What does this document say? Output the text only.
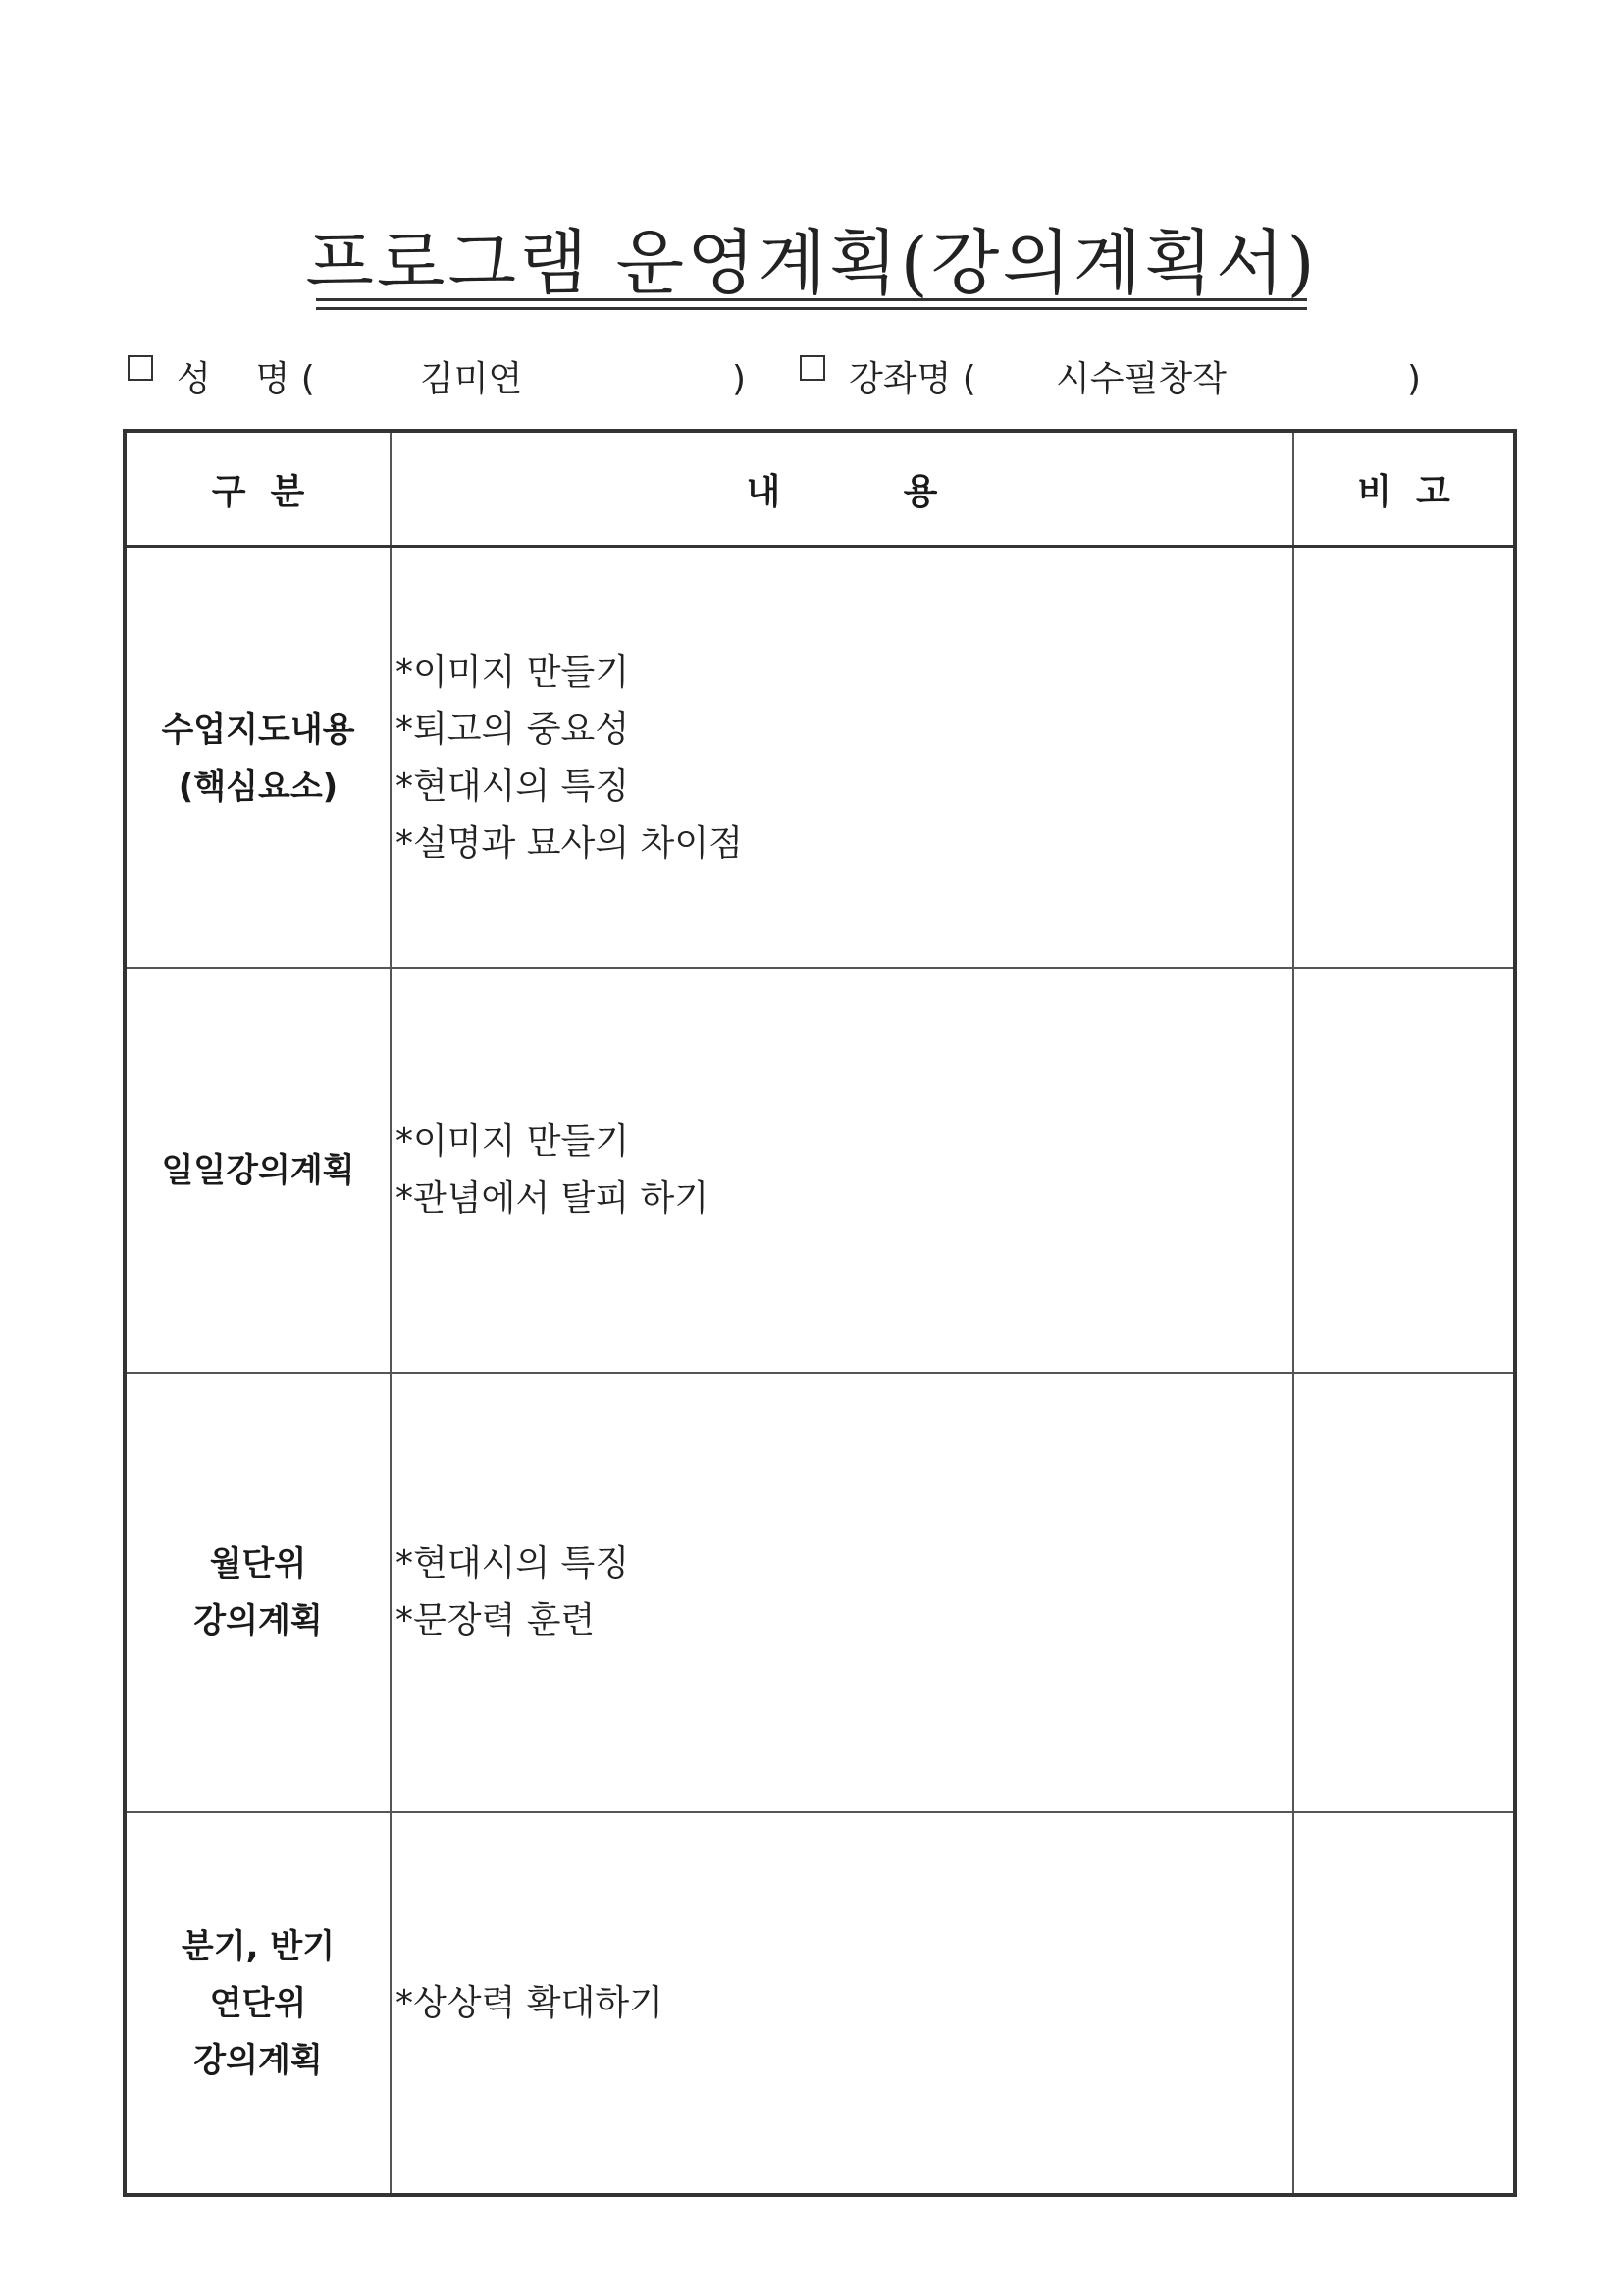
프로그램 운영계획(강의계획서)
성    명 (	김미연	)	강좌명 ( 시수필창작	)
구  분	내          용	비  고

수업지도내용
(핵심요소)	*이미지 만들기
*퇴고의 중요성
*현대시의 특징
*설명과 묘사의 차이점	

일일강의계획	*이미지 만들기
*관념에서 탈피 하기	

월단위
강의계획	*현대시의 특징
*문장력 훈련	

분기, 반기
연단위
강의계획	*상상력 확대하기	
